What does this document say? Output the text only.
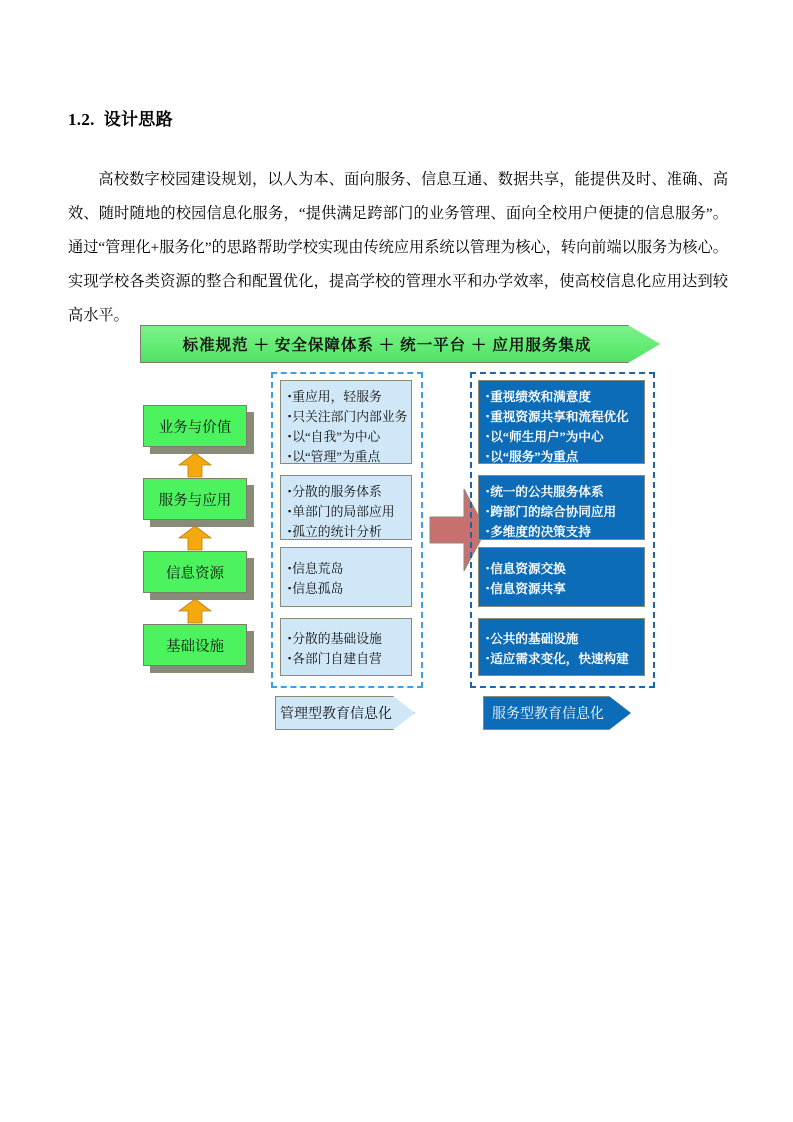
1.2. 设计思路
高校数字校园建设规划，以人为本、面向服务、信息互通、数据共享，能提供及时、准确、高效、随时随地的校园信息化服务，“提供满足跨部门的业务管理、面向全校用户便捷的信息服务”。通过“管理化+服务化”的思路帮助学校实现由传统应用系统以管理为核心，转向前端以服务为核心。实现学校各类资源的整合和配置优化，提高学校的管理水平和办学效率，使高校信息化应用达到较高水平。
标准规范 ＋ 安全保障体系 ＋ 统一平台 ＋ 应用服务集成
业务与价值
服务与应用
信息资源
基础设施
▪ 重应用，轻服务
▪ 只关注部门内部业务
▪ 以“自我”为中心
▪ 以“管理”为重点
▪ 分散的服务体系
▪ 单部门的局部应用
▪ 孤立的统计分析
▪ 信息荒岛
▪ 信息孤岛
▪ 分散的基础设施
▪ 各部门自建自营
▪ 重视绩效和满意度
▪ 重视资源共享和流程优化
▪ 以“师生用户”为中心
▪ 以“服务”为重点
▪ 统一的公共服务体系
▪ 跨部门的综合协同应用
▪ 多维度的决策支持
▪ 信息资源交换
▪ 信息资源共享
▪ 公共的基础设施
▪ 适应需求变化，快速构建
管理型教育信息化	服务型教育信息化
